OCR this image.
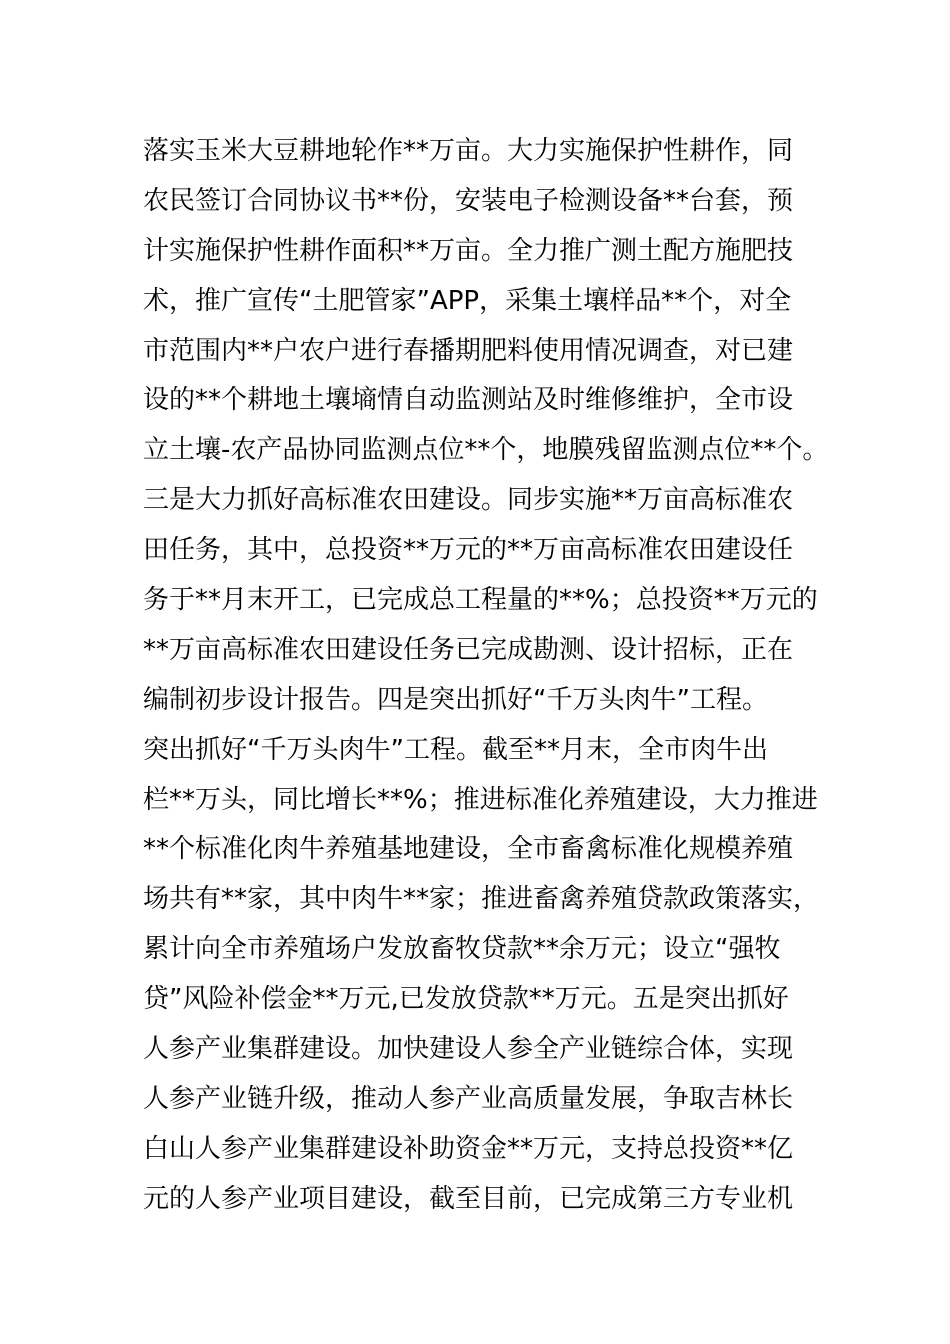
落实玉米大豆耕地轮作**万亩。大力实施保护性耕作，同
农民签订合同协议书**份，安装电子检测设备**台套，预
计实施保护性耕作面积**万亩。全力推广测土配方施肥技
术，推广宣传“土肥管家”APP，采集土壤样品**个，对全
市范围内**户农户进行春播期肥料使用情况调查，对已建
设的**个耕地土壤墒情自动监测站及时维修维护，全市设
立土壤-农产品协同监测点位**个，地膜残留监测点位**个。
三是大力抓好高标准农田建设。同步实施**万亩高标准农
田任务，其中，总投资**万元的**万亩高标准农田建设任
务于**月末开工，已完成总工程量的**%；总投资**万元的
**万亩高标准农田建设任务已完成勘测、设计招标，正在
编制初步设计报告。四是突出抓好“千万头肉牛”工程。
突出抓好“千万头肉牛”工程。截至**月末，全市肉牛出
栏**万头，同比增长**%；推进标准化养殖建设，大力推进
**个标准化肉牛养殖基地建设，全市畜禽标准化规模养殖
场共有**家，其中肉牛**家；推进畜禽养殖贷款政策落实，
累计向全市养殖场户发放畜牧贷款**余万元；设立“强牧
贷”风险补偿金**万元,已发放贷款**万元。五是突出抓好
人参产业集群建设。加快建设人参全产业链综合体，实现
人参产业链升级，推动人参产业高质量发展，争取吉林长
白山人参产业集群建设补助资金**万元，支持总投资**亿
元的人参产业项目建设，截至目前，已完成第三方专业机
